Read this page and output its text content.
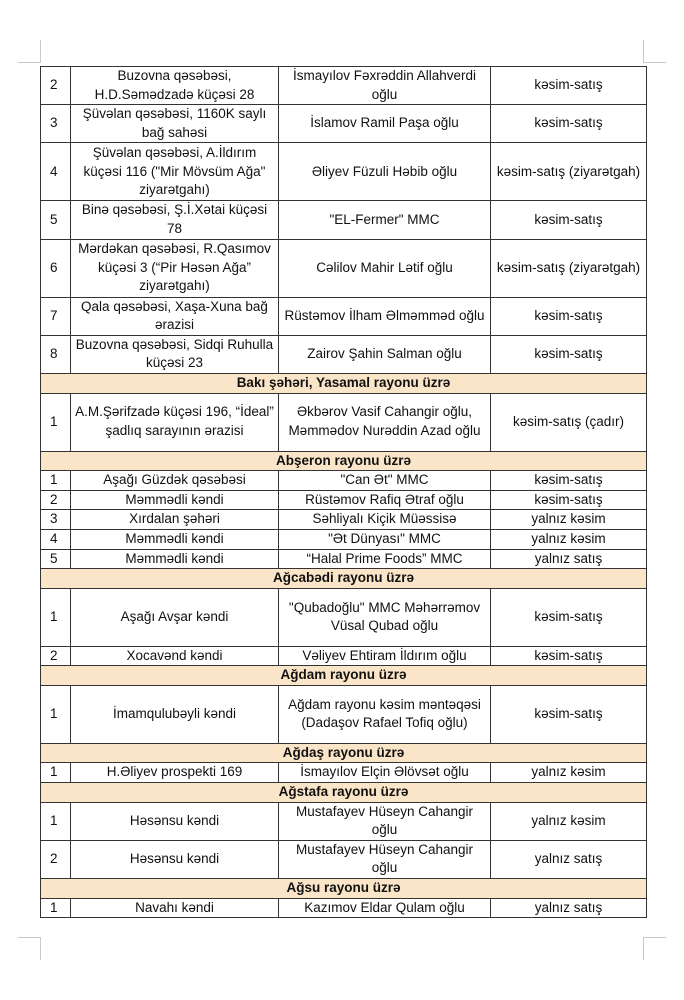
2	Buzovna qəsəbəsi, H.D.Səmədzadə küçəsi 28	İsmayılov Fəxrəddin Allahverdi oğlu	kəsim-satış
3	Şüvəlan qəsəbəsi, 1160K saylı bağ sahəsi	İslamov Ramil Paşa oğlu	kəsim-satış
4	Şüvəlan qəsəbəsi, A.İldırım küçəsi 116 ("Mir Mövsüm Ağa" ziyarətgahı)	Əliyev Füzuli Həbib oğlu	kəsim-satış (ziyarətgah)
5	Binə qəsəbəsi, Ş.İ.Xətai küçəsi 78	"EL-Fermer" MMC	kəsim-satış
6	Mərdəkan qəsəbəsi, R.Qasımov küçəsi 3 (“Pir Həsən Ağa” ziyarətgahı)	Cəlilov Mahir Lətif oğlu	kəsim-satış (ziyarətgah)
7	Qala qəsəbəsi, Xaşa-Xuna bağ ərazisi	Rüstəmov İlham Əlməmməd oğlu	kəsim-satış
8	Buzovna qəsəbəsi, Sidqi Ruhulla küçəsi 23	Zairov Şahin Salman oğlu	kəsim-satış
Bakı şəhəri, Yasamal rayonu üzrə			
1	A.M.Şərifzadə küçəsi 196, “İdeal” şadlıq sarayının ərazisi	Əkbərov Vasif Cahangir oğlu, Məmmədov Nurəddin Azad oğlu	kəsim-satış (çadır)
Abşeron rayonu üzrə			
1	Aşağı Güzdək qəsəbəsi	"Can Ət" MMC	kəsim-satış
2	Məmmədli kəndi	Rüstəmov Rafiq Ətraf oğlu	kəsim-satış
3	Xırdalan şəhəri	Səhliyalı Kiçik Müəssisə	yalnız kəsim
4	Məmmədli kəndi	"Ət Dünyası" MMC	yalnız kəsim
5	Məmmədli kəndi	“Halal Prime Foods” MMC	yalnız satış
Ağcabədi rayonu üzrə			
1	Aşağı Avşar kəndi	"Qubadoğlu" MMC Məhərrəmov Vüsal Qubad oğlu	kəsim-satış
2	Xocavənd kəndi	Vəliyev Ehtiram İldırım oğlu	kəsim-satış
Ağdam rayonu üzrə			
1	İmamqulubəyli kəndi	Ağdam rayonu kəsim məntəqəsi (Dadaşov Rafael Tofiq oğlu)	kəsim-satış
Ağdaş rayonu üzrə			
1	H.Əliyev prospekti 169	İsmayılov Elçin Əlövsət oğlu	yalnız kəsim
Ağstafa rayonu üzrə			
1	Həsənsu kəndi	Mustafayev Hüseyn Cahangir oğlu	yalnız kəsim
2	Həsənsu kəndi	Mustafayev Hüseyn Cahangir oğlu	yalnız satış
Ağsu rayonu üzrə			
1	Navahı kəndi	Kazımov Eldar Qulam oğlu	yalnız satış
